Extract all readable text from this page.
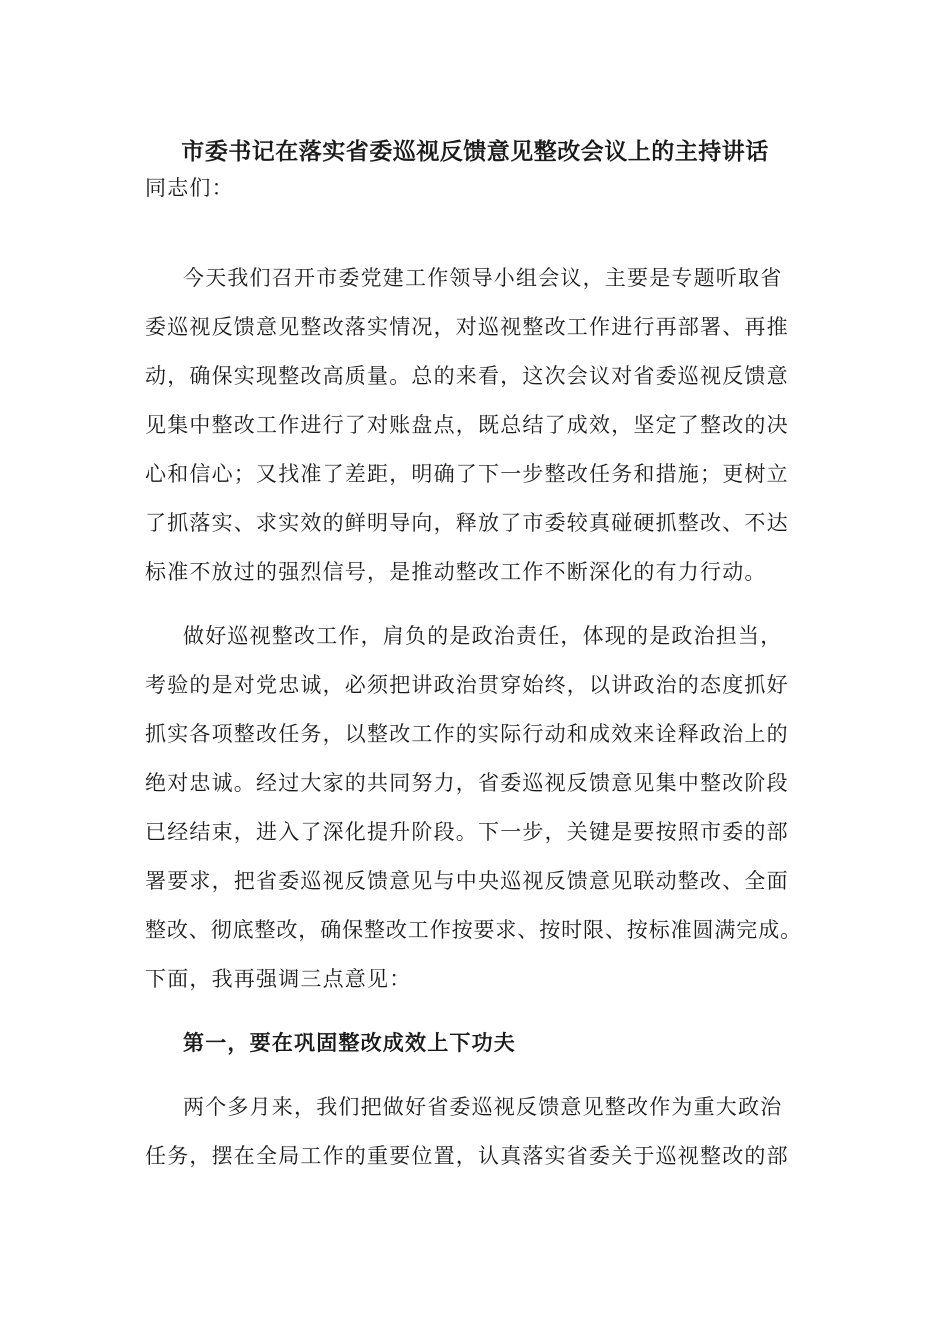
市委书记在落实省委巡视反馈意见整改会议上的主持讲话
同志们：
今天我们召开市委党建工作领导小组会议，主要是专题听取省
委巡视反馈意见整改落实情况，对巡视整改工作进行再部署、再推
动，确保实现整改高质量。总的来看，这次会议对省委巡视反馈意
见集中整改工作进行了对账盘点，既总结了成效，坚定了整改的决
心和信心；又找准了差距，明确了下一步整改任务和措施；更树立
了抓落实、求实效的鲜明导向，释放了市委较真碰硬抓整改、不达
标准不放过的强烈信号，是推动整改工作不断深化的有力行动。
做好巡视整改工作，肩负的是政治责任，体现的是政治担当，
考验的是对党忠诚，必须把讲政治贯穿始终，以讲政治的态度抓好
抓实各项整改任务，以整改工作的实际行动和成效来诠释政治上的
绝对忠诚。经过大家的共同努力，省委巡视反馈意见集中整改阶段
已经结束，进入了深化提升阶段。下一步，关键是要按照市委的部
署要求，把省委巡视反馈意见与中央巡视反馈意见联动整改、全面
整改、彻底整改，确保整改工作按要求、按时限、按标准圆满完成。
下面，我再强调三点意见：
第一，要在巩固整改成效上下功夫
两个多月来，我们把做好省委巡视反馈意见整改作为重大政治
任务，摆在全局工作的重要位置，认真落实省委关于巡视整改的部
